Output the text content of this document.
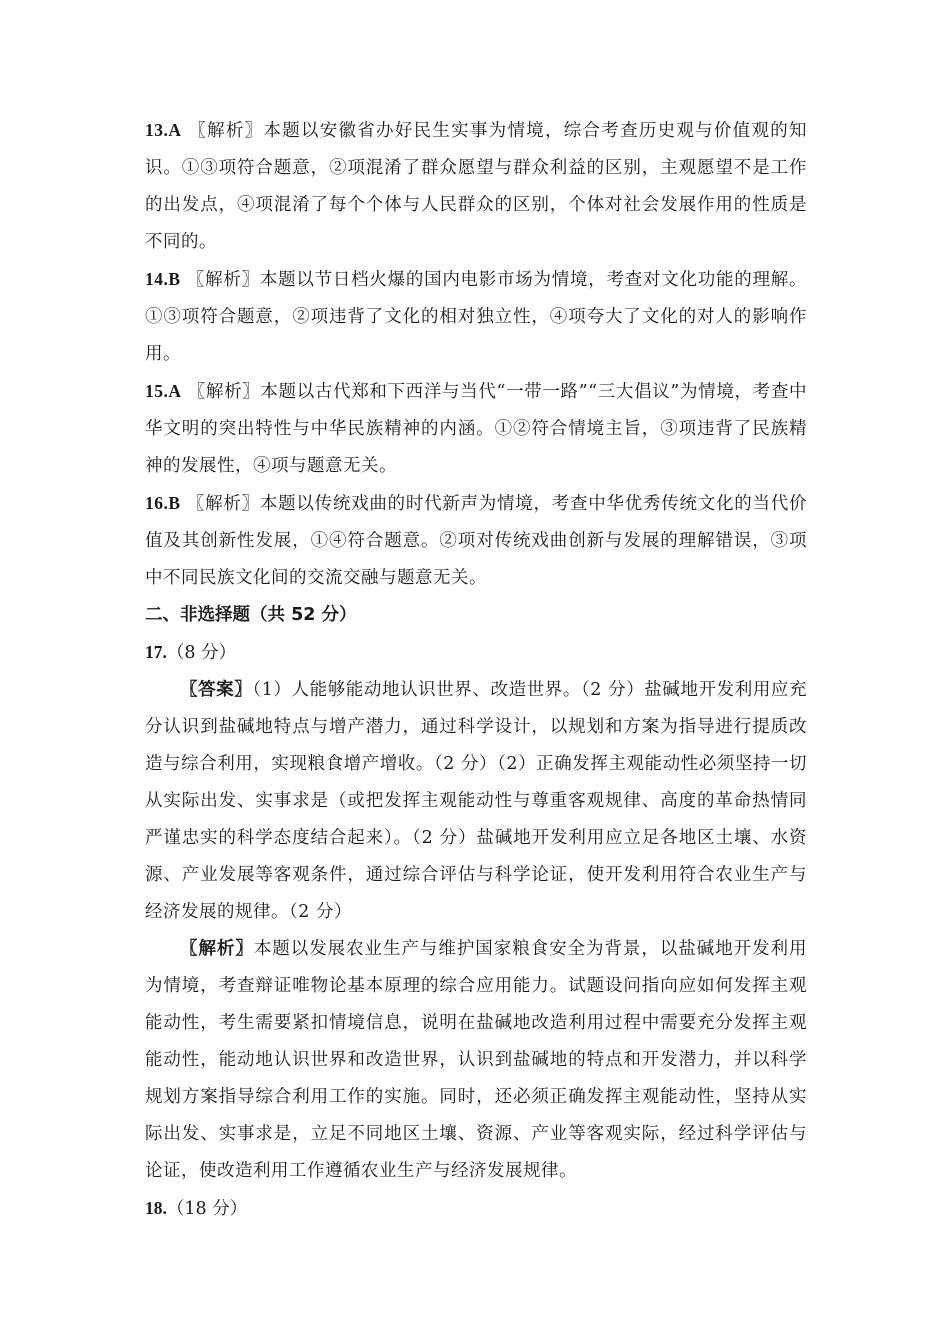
13.A 〖解析〗本题以安徽省办好民生实事为情境，综合考查历史观与价值观的知识。①③项符合题意，②项混淆了群众愿望与群众利益的区别，主观愿望不是工作的出发点，④项混淆了每个个体与人民群众的区别，个体对社会发展作用的性质是不同的。

14.B 〖解析〗本题以节日档火爆的国内电影市场为情境，考查对文化功能的理解。①③项符合题意，②项违背了文化的相对独立性，④项夸大了文化的对人的影响作用。

15.A 〖解析〗本题以古代郑和下西洋与当代“一带一路”“三大倡议”为情境，考查中华文明的突出特性与中华民族精神的内涵。①②符合情境主旨，③项违背了民族精神的发展性，④项与题意无关。

16.B 〖解析〗本题以传统戏曲的时代新声为情境，考查中华优秀传统文化的当代价值及其创新性发展，①④符合题意。②项对传统戏曲创新与发展的理解错误，③项中不同民族文化间的交流交融与题意无关。

二、非选择题（共 52 分）

17.（8 分）

〖答案〗（1）人能够能动地认识世界、改造世界。（2 分）盐碱地开发利用应充分认识到盐碱地特点与增产潜力，通过科学设计，以规划和方案为指导进行提质改造与综合利用，实现粮食增产增收。（2 分）（2）正确发挥主观能动性必须坚持一切从实际出发、实事求是（或把发挥主观能动性与尊重客观规律、高度的革命热情同严谨忠实的科学态度结合起来）。（2 分）盐碱地开发利用应立足各地区土壤、水资源、产业发展等客观条件，通过综合评估与科学论证，使开发利用符合农业生产与经济发展的规律。（2 分）

〖解析〗本题以发展农业生产与维护国家粮食安全为背景，以盐碱地开发利用为情境，考查辩证唯物论基本原理的综合应用能力。试题设问指向应如何发挥主观能动性，考生需要紧扣情境信息，说明在盐碱地改造利用过程中需要充分发挥主观能动性，能动地认识世界和改造世界，认识到盐碱地的特点和开发潜力，并以科学规划方案指导综合利用工作的实施。同时，还必须正确发挥主观能动性，坚持从实际出发、实事求是，立足不同地区土壤、资源、产业等客观实际，经过科学评估与论证，使改造利用工作遵循农业生产与经济发展规律。

18.（18 分）
